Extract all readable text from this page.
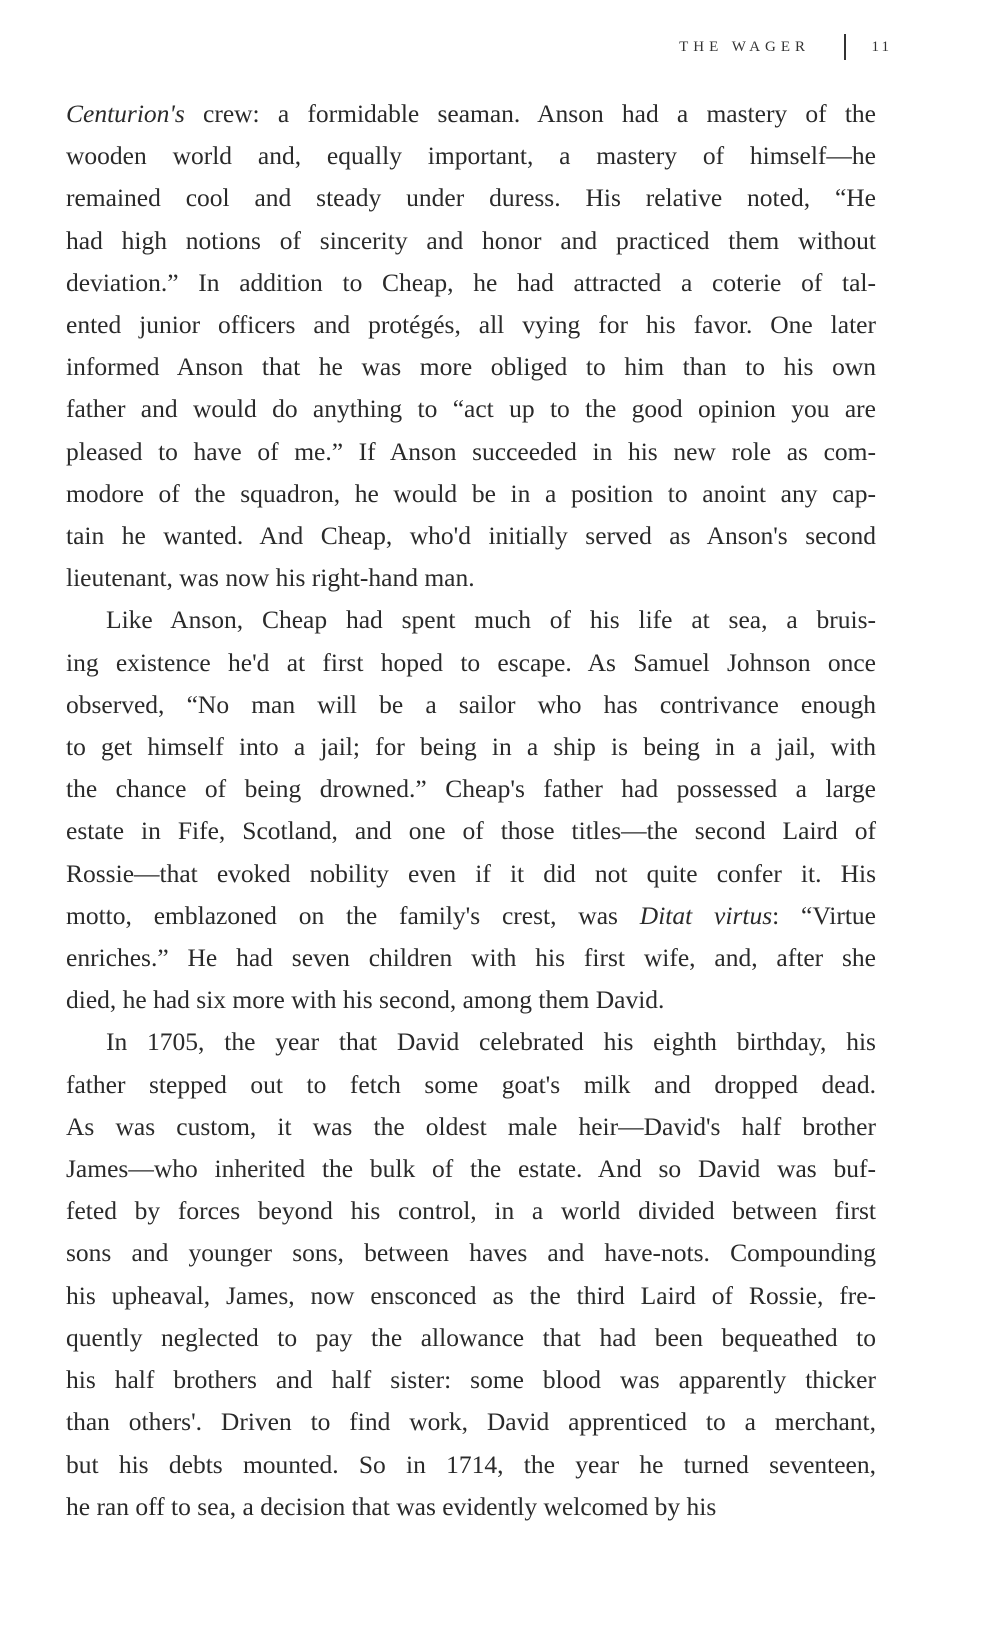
THE WAGER	11
Centurion's crew: a formidable seaman. Anson had a mastery of the
wooden world and, equally important, a mastery of himself—he
remained cool and steady under duress. His relative noted, “He
had high notions of sincerity and honor and practiced them without
deviation.” In addition to Cheap, he had attracted a coterie of tal-
ented junior officers and protégés, all vying for his favor. One later
informed Anson that he was more obliged to him than to his own
father and would do anything to “act up to the good opinion you are
pleased to have of me.” If Anson succeeded in his new role as com-
modore of the squadron, he would be in a position to anoint any cap-
tain he wanted. And Cheap, who'd initially served as Anson's second
lieutenant, was now his right-hand man.
Like Anson, Cheap had spent much of his life at sea, a bruis-
ing existence he'd at first hoped to escape. As Samuel Johnson once
observed, “No man will be a sailor who has contrivance enough
to get himself into a jail; for being in a ship is being in a jail, with
the chance of being drowned.” Cheap's father had possessed a large
estate in Fife, Scotland, and one of those titles—the second Laird of
Rossie—that evoked nobility even if it did not quite confer it. His
motto, emblazoned on the family's crest, was Ditat virtus: “Virtue
enriches.” He had seven children with his first wife, and, after she
died, he had six more with his second, among them David.
In 1705, the year that David celebrated his eighth birthday, his
father stepped out to fetch some goat's milk and dropped dead.
As was custom, it was the oldest male heir—David's half brother
James—who inherited the bulk of the estate. And so David was buf-
feted by forces beyond his control, in a world divided between first
sons and younger sons, between haves and have-nots. Compounding
his upheaval, James, now ensconced as the third Laird of Rossie, fre-
quently neglected to pay the allowance that had been bequeathed to
his half brothers and half sister: some blood was apparently thicker
than others'. Driven to find work, David apprenticed to a merchant,
but his debts mounted. So in 1714, the year he turned seventeen,
he ran off to sea, a decision that was evidently welcomed by his
